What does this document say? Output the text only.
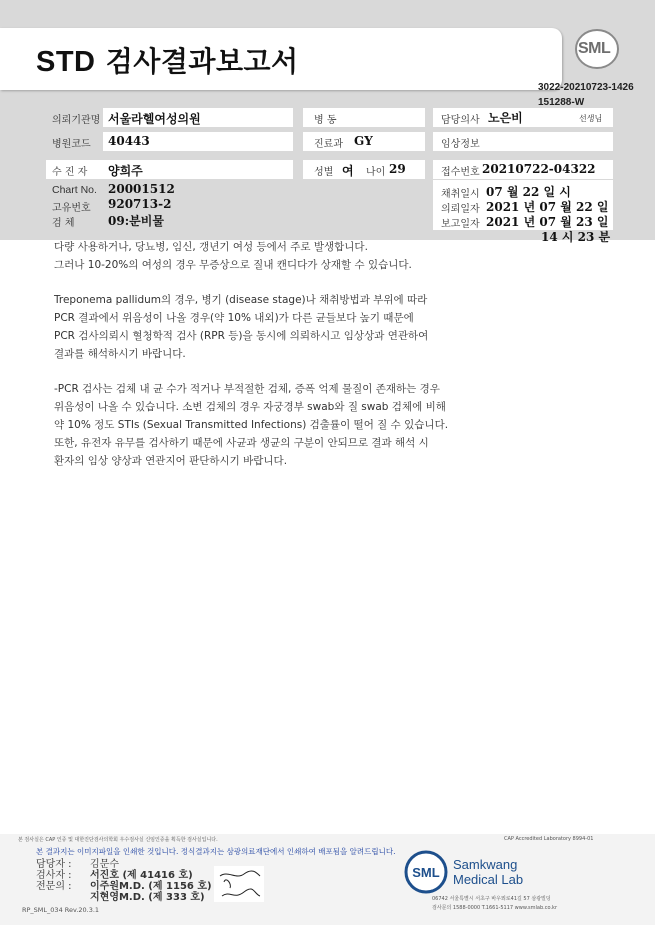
STD 검사결과보고서	SML
3022-20210723-1426
151288-W
의뢰기관명 서울라헬여성의원	병 동	담당의사 노은비	선생님
병원코드 40443	진료과 GY	임상정보
수 진 자 양희주	성별 여 나이 29	접수번호 20210722-04322
Chart No. 20001512
고유번호 920713-2
검 체	09:분비물
채취일시 07 월 22 일 시
의뢰일자 2021 년 07 월 22 일
보고일자 2021 년 07 월 23 일
14 시 23 분

다량 사용하거나, 당뇨병, 임신, 갱년기 여성 등에서 주로 발생합니다.
그러나 10-20%의 여성의 경우 무증상으로 질내 캔디다가 상재할 수 있습니다.

Treponema pallidum의 경우, 병기 (disease stage)나 채취방법과 부위에 따라
PCR 결과에서 위음성이 나올 경우(약 10% 내외)가 다른 균들보다 높기 때문에
PCR 검사의뢰시 혈청학적 검사 (RPR 등)을 동시에 의뢰하시고 임상상과 연관하여
결과를 해석하시기 바랍니다.

-PCR 검사는 검체 내 균 수가 적거나 부적절한 검체, 증폭 억제 물질이 존재하는 경우
위음성이 나올 수 있습니다. 소변 검체의 경우 자궁경부 swab와 질 swab 검체에 비해
약 10% 정도 STIs (Sexual Transmitted Infections) 검출률이 떨어 질 수 있습니다.
또한, 유전자 유무를 검사하기 때문에 사균과 생균의 구분이 안되므로 결과 해석 시
환자의 임상 양상과 연관지어 판단하시기 바랍니다.

본 검사실은 CAP 인증 및 대한진단검사의학회 우수검사실 신임인증을 획득한 검사실입니다.	CAP Accredited Laboratory 8994-01
본 결과지는 이미지파일을 인쇄한 것입니다. 정식결과지는 삼광의료재단에서 인쇄하여 배포됨을 알려드립니다.
담당자 : 김문수
검사자 : 서진호 (제 41416 호)
전문의 : 이주원M.D. (제 1156 호)
지현영M.D. (제 333 호)
SML
Samkwang
Medical Lab
06742 서울특별시 서초구 바우뫼로41길 57 삼광빌딩
검사문의 1588-0000 T.1661-5117 www.smlab.co.kr
RP_SML_034 Rev.20.3.1
